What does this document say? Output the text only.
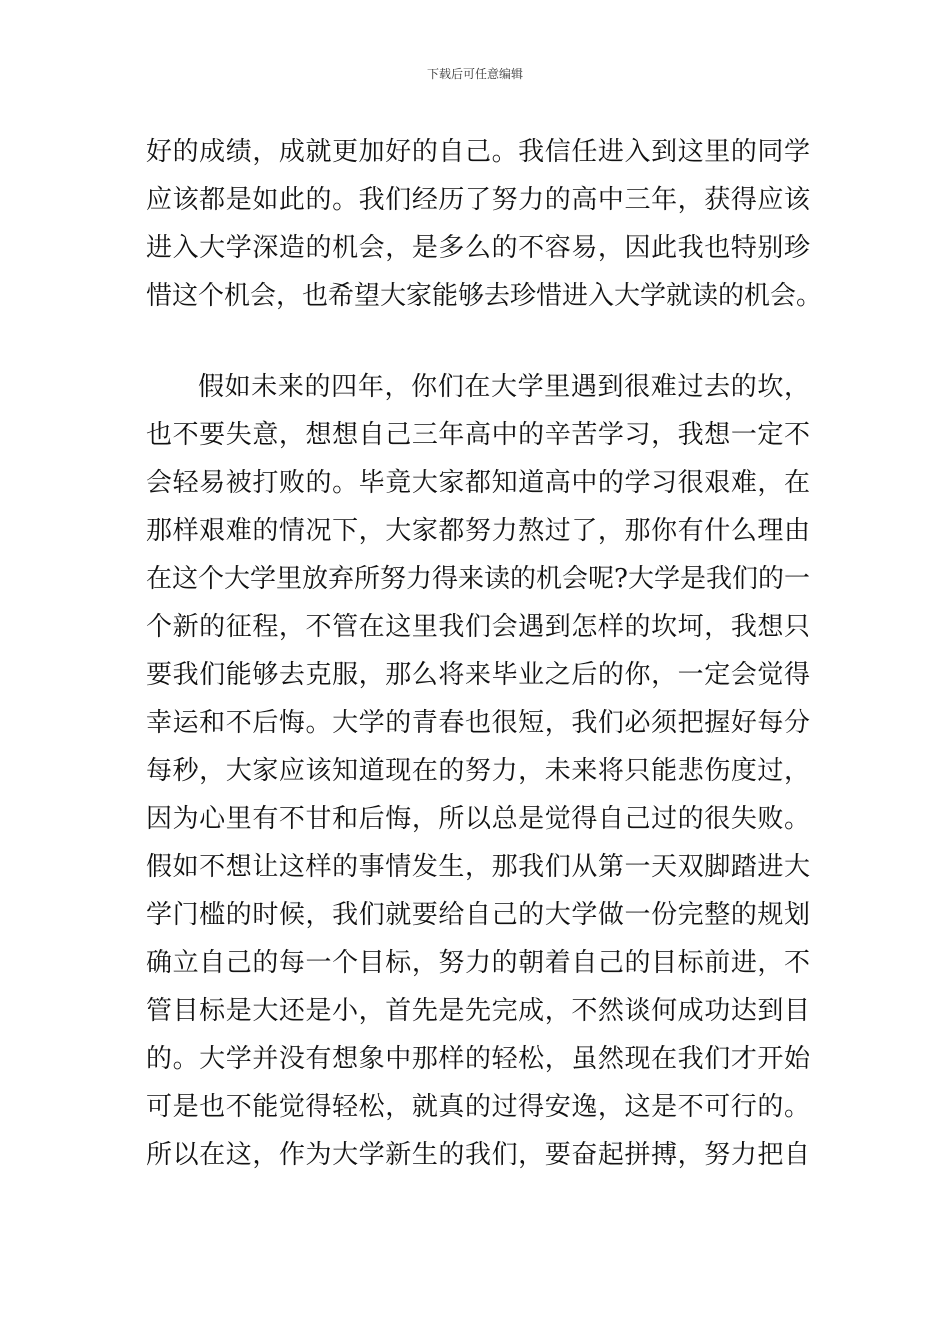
下载后可任意编辑
好的成绩，成就更加好的自己。我信任进入到这里的同学
应该都是如此的。我们经历了努力的高中三年，获得应该
进入大学深造的机会，是多么的不容易，因此我也特别珍
惜这个机会，也希望大家能够去珍惜进入大学就读的机会。
假如未来的四年，你们在大学里遇到很难过去的坎，
也不要失意，想想自己三年高中的辛苦学习，我想一定不
会轻易被打败的。毕竟大家都知道高中的学习很艰难，在
那样艰难的情况下，大家都努力熬过了，那你有什么理由
在这个大学里放弃所努力得来读的机会呢?大学是我们的一
个新的征程，不管在这里我们会遇到怎样的坎坷，我想只
要我们能够去克服，那么将来毕业之后的你，一定会觉得
幸运和不后悔。大学的青春也很短，我们必须把握好每分
每秒，大家应该知道现在的努力，未来将只能悲伤度过，
因为心里有不甘和后悔，所以总是觉得自己过的很失败。
假如不想让这样的事情发生，那我们从第一天双脚踏进大
学门槛的时候，我们就要给自己的大学做一份完整的规划
确立自己的每一个目标，努力的朝着自己的目标前进，不
管目标是大还是小，首先是先完成，不然谈何成功达到目
的。大学并没有想象中那样的轻松，虽然现在我们才开始
可是也不能觉得轻松，就真的过得安逸，这是不可行的。
所以在这，作为大学新生的我们，要奋起拼搏，努力把自
